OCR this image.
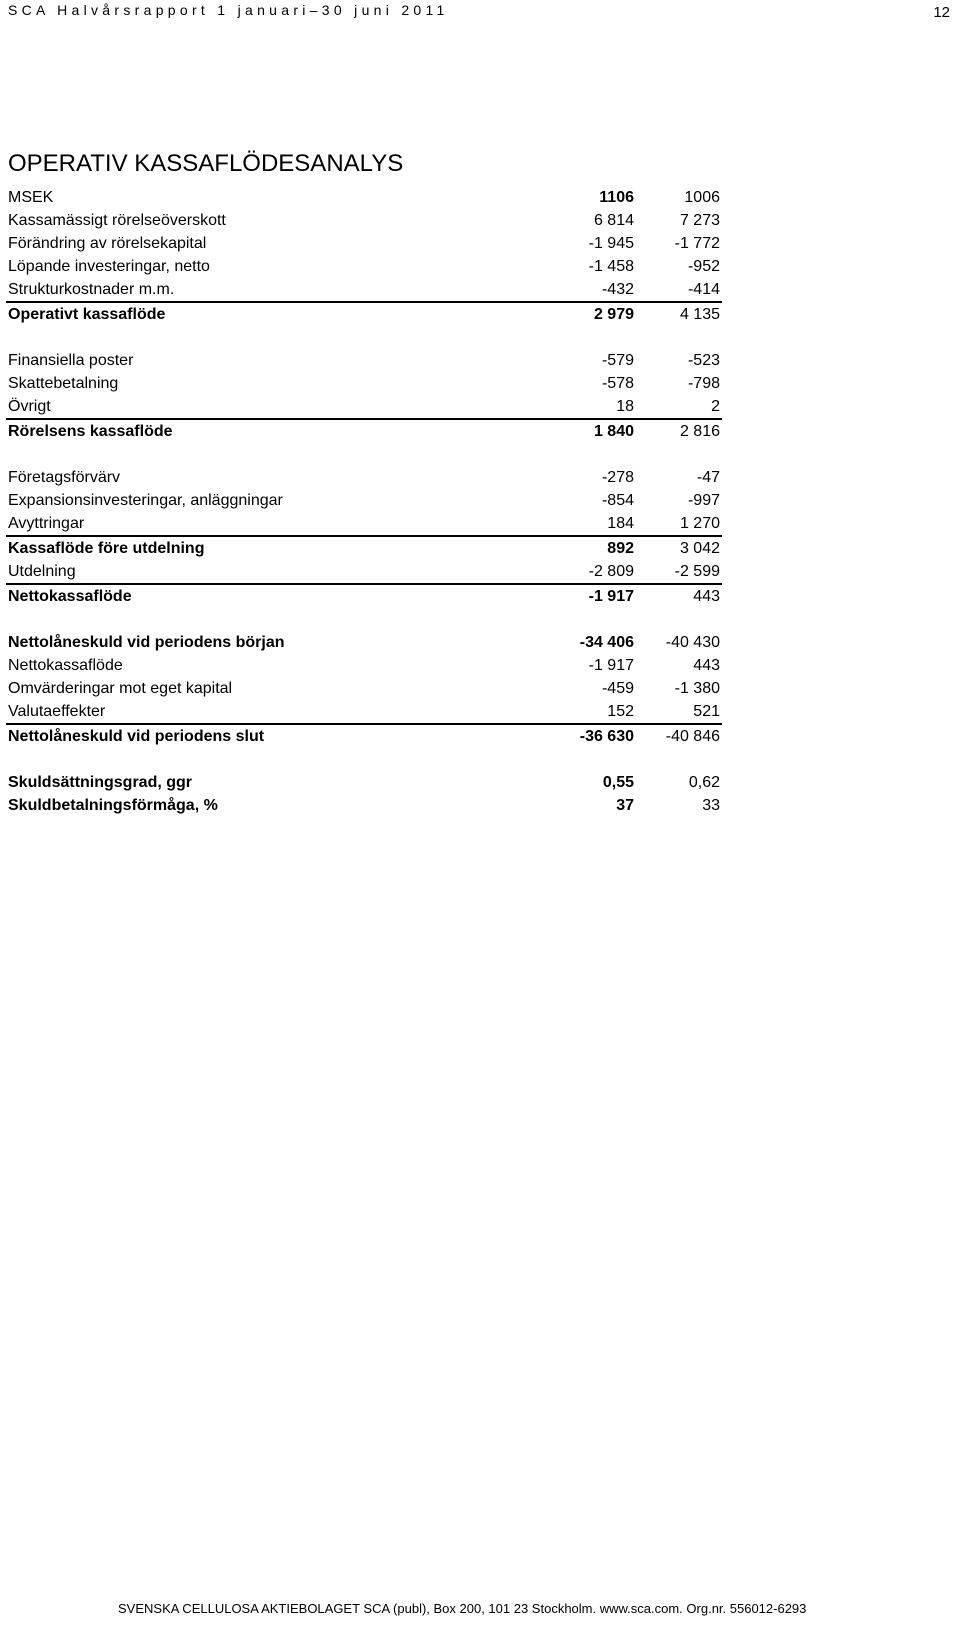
SCA Halvårsrapport 1 januari–30 juni 2011	12
OPERATIV KASSAFLÖDESANALYS
MSEK	1106	1006
Kassamässigt rörelseöverskott	6 814	7 273
Förändring av rörelsekapital	-1 945	-1 772
Löpande investeringar, netto	-1 458	-952
Strukturkostnader m.m.	-432	-414
Operativt kassaflöde	2 979	4 135

Finansiella poster	-579	-523
Skattebetalning	-578	-798
Övrigt	18	2
Rörelsens kassaflöde	1 840	2 816

Företagsförvärv	-278	-47
Expansionsinvesteringar, anläggningar	-854	-997
Avyttringar	184	1 270
Kassaflöde före utdelning	892	3 042
Utdelning	-2 809	-2 599
Nettokassaflöde	-1 917	443

Nettolåneskuld vid periodens början	-34 406	-40 430
Nettokassaflöde	-1 917	443
Omvärderingar mot eget kapital	-459	-1 380
Valutaeffekter	152	521
Nettolåneskuld vid periodens slut	-36 630	-40 846

Skuldsättningsgrad, ggr	0,55	0,62
Skuldbetalningsförmåga, %	37	33
SVENSKA CELLULOSA AKTIEBOLAGET SCA (publ), Box 200, 101 23 Stockholm. www.sca.com. Org.nr. 556012-6293
